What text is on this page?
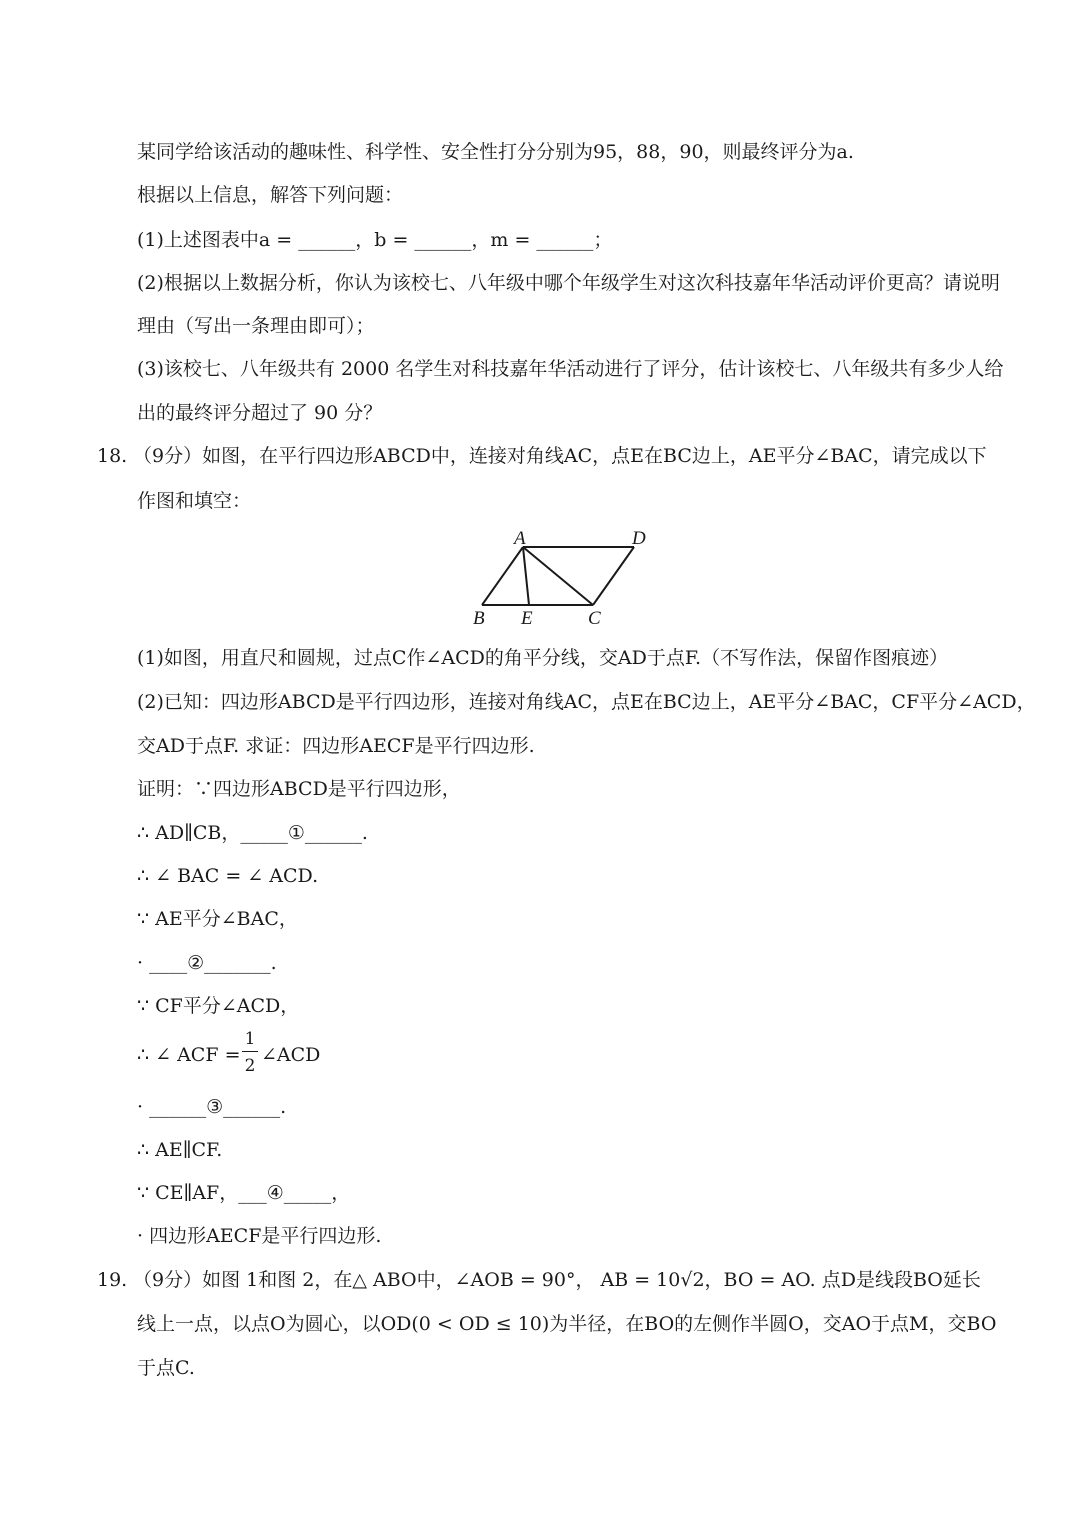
某同学给该活动的趣味性、科学性、安全性打分分别为95，88，90，则最终评分为a.
根据以上信息，解答下列问题：
(1)上述图表中a = ______，b = ______，m = ______；
(2)根据以上数据分析，你认为该校七、八年级中哪个年级学生对这次科技嘉年华活动评价更高？请说明
理由（写出一条理由即可）；
(3)该校七、八年级共有 2000 名学生对科技嘉年华活动进行了评分，估计该校七、八年级共有多少人给
出的最终评分超过了 90 分？
18. （9分）如图，在平行四边形ABCD中，连接对角线AC，点E在BC边上，AE平分∠BAC，请完成以下
作图和填空：
A	D
B E	C
(1)如图，用直尺和圆规，过点C作∠ACD的角平分线，交AD于点F.（不写作法，保留作图痕迹）
(2)已知：四边形ABCD是平行四边形，连接对角线AC，点E在BC边上，AE平分∠BAC，CF平分∠ACD，
交AD于点F. 求证：四边形AECF是平行四边形.
证明：∵四边形ABCD是平行四边形，
∴ AD∥CB，_____①______.
∴ ∠ BAC = ∠ ACD.
∵ AE平分∠BAC，
· ____②_______.
∵ CF平分∠ACD，
∴ ∠ ACF =
1
2 ∠ACD
· ______③______.
∴ AE∥CF.
∵ CE∥AF，___④_____，
· 四边形AECF是平行四边形.
19. （9分）如图 1和图 2，在△ ABO中，∠AOB = 90°， AB = 10√2，BO = AO. 点D是线段BO延长
线上一点，以点O为圆心，以OD(0 < OD ≤ 10)为半径，在BO的左侧作半圆O，交AO于点M，交BO
于点C.
